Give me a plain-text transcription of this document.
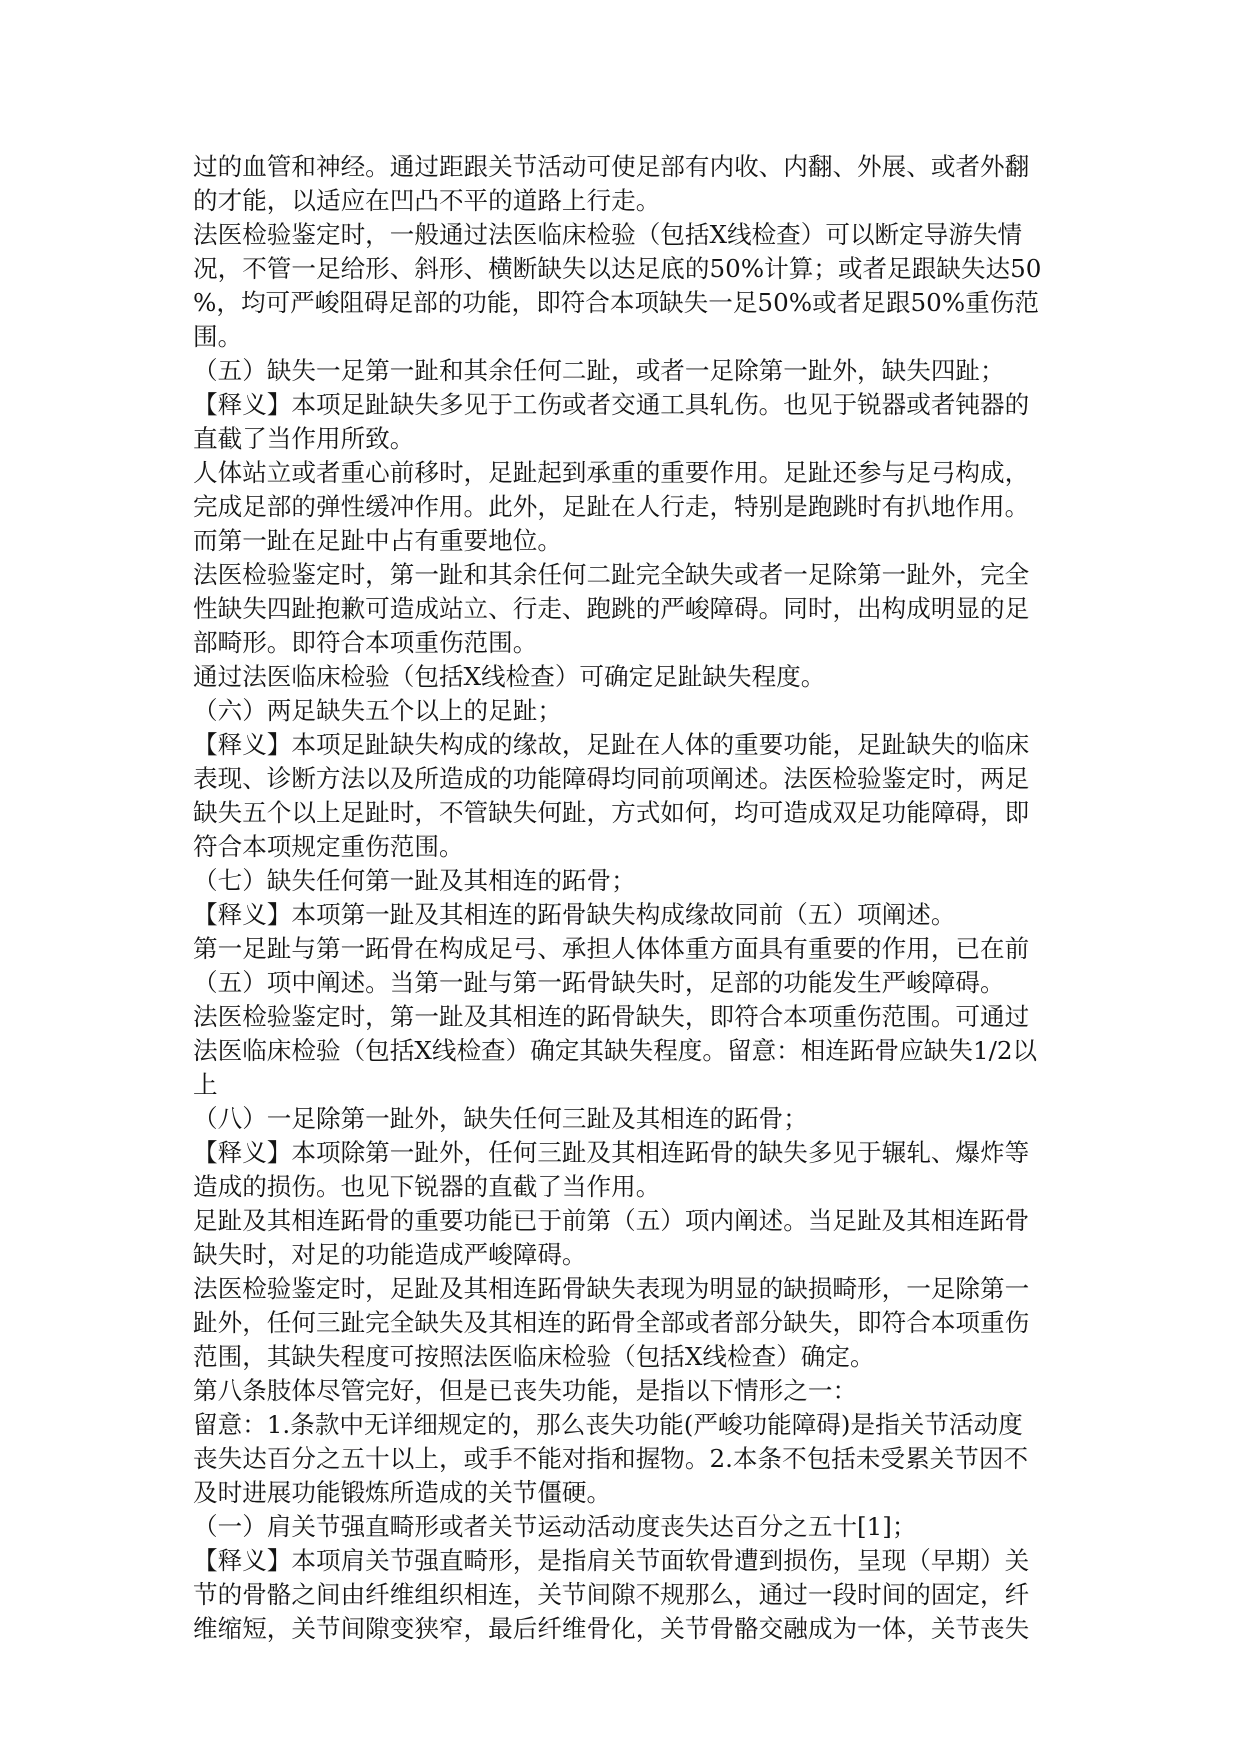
过的血管和神经。通过距跟关节活动可使足部有内收、内翻、外展、或者外翻
的才能，以适应在凹凸不平的道路上行走。
法医检验鉴定时，一般通过法医临床检验（包括X线检查）可以断定导游失情
况，不管一足给形、斜形、横断缺失以达足底的50%计算；或者足跟缺失达50
%，均可严峻阻碍足部的功能，即符合本项缺失一足50%或者足跟50%重伤范
围。
（五）缺失一足第一趾和其余任何二趾，或者一足除第一趾外，缺失四趾；
【释义】本项足趾缺失多见于工伤或者交通工具轧伤。也见于锐器或者钝器的
直截了当作用所致。
人体站立或者重心前移时，足趾起到承重的重要作用。足趾还参与足弓构成，
完成足部的弹性缓冲作用。此外，足趾在人行走，特别是跑跳时有扒地作用。
而第一趾在足趾中占有重要地位。
法医检验鉴定时，第一趾和其余任何二趾完全缺失或者一足除第一趾外，完全
性缺失四趾抱歉可造成站立、行走、跑跳的严峻障碍。同时，出构成明显的足
部畸形。即符合本项重伤范围。
通过法医临床检验（包括X线检查）可确定足趾缺失程度。
（六）两足缺失五个以上的足趾；
【释义】本项足趾缺失构成的缘故，足趾在人体的重要功能，足趾缺失的临床
表现、诊断方法以及所造成的功能障碍均同前项阐述。法医检验鉴定时，两足
缺失五个以上足趾时，不管缺失何趾，方式如何，均可造成双足功能障碍，即
符合本项规定重伤范围。
（七）缺失任何第一趾及其相连的跖骨；
【释义】本项第一趾及其相连的跖骨缺失构成缘故同前（五）项阐述。
第一足趾与第一跖骨在构成足弓、承担人体体重方面具有重要的作用，已在前
（五）项中阐述。当第一趾与第一跖骨缺失时，足部的功能发生严峻障碍。
法医检验鉴定时，第一趾及其相连的跖骨缺失，即符合本项重伤范围。可通过
法医临床检验（包括X线检查）确定其缺失程度。留意：相连跖骨应缺失1/2以
上
（八）一足除第一趾外，缺失任何三趾及其相连的跖骨；
【释义】本项除第一趾外，任何三趾及其相连跖骨的缺失多见于辗轧、爆炸等
造成的损伤。也见下锐器的直截了当作用。
足趾及其相连跖骨的重要功能已于前第（五）项内阐述。当足趾及其相连跖骨
缺失时，对足的功能造成严峻障碍。
法医检验鉴定时，足趾及其相连跖骨缺失表现为明显的缺损畸形，一足除第一
趾外，任何三趾完全缺失及其相连的跖骨全部或者部分缺失，即符合本项重伤
范围，其缺失程度可按照法医临床检验（包括X线检查）确定。
第八条肢体尽管完好，但是已丧失功能，是指以下情形之一：
留意：1.条款中无详细规定的，那么丧失功能(严峻功能障碍)是指关节活动度
丧失达百分之五十以上，或手不能对指和握物。2.本条不包括未受累关节因不
及时进展功能锻炼所造成的关节僵硬。
（一）肩关节强直畸形或者关节运动活动度丧失达百分之五十[1]；
【释义】本项肩关节强直畸形，是指肩关节面软骨遭到损伤，呈现（早期）关
节的骨骼之间由纤维组织相连，关节间隙不规那么，通过一段时间的固定，纤
维缩短，关节间隙变狭窄，最后纤维骨化，关节骨骼交融成为一体，关节丧失
